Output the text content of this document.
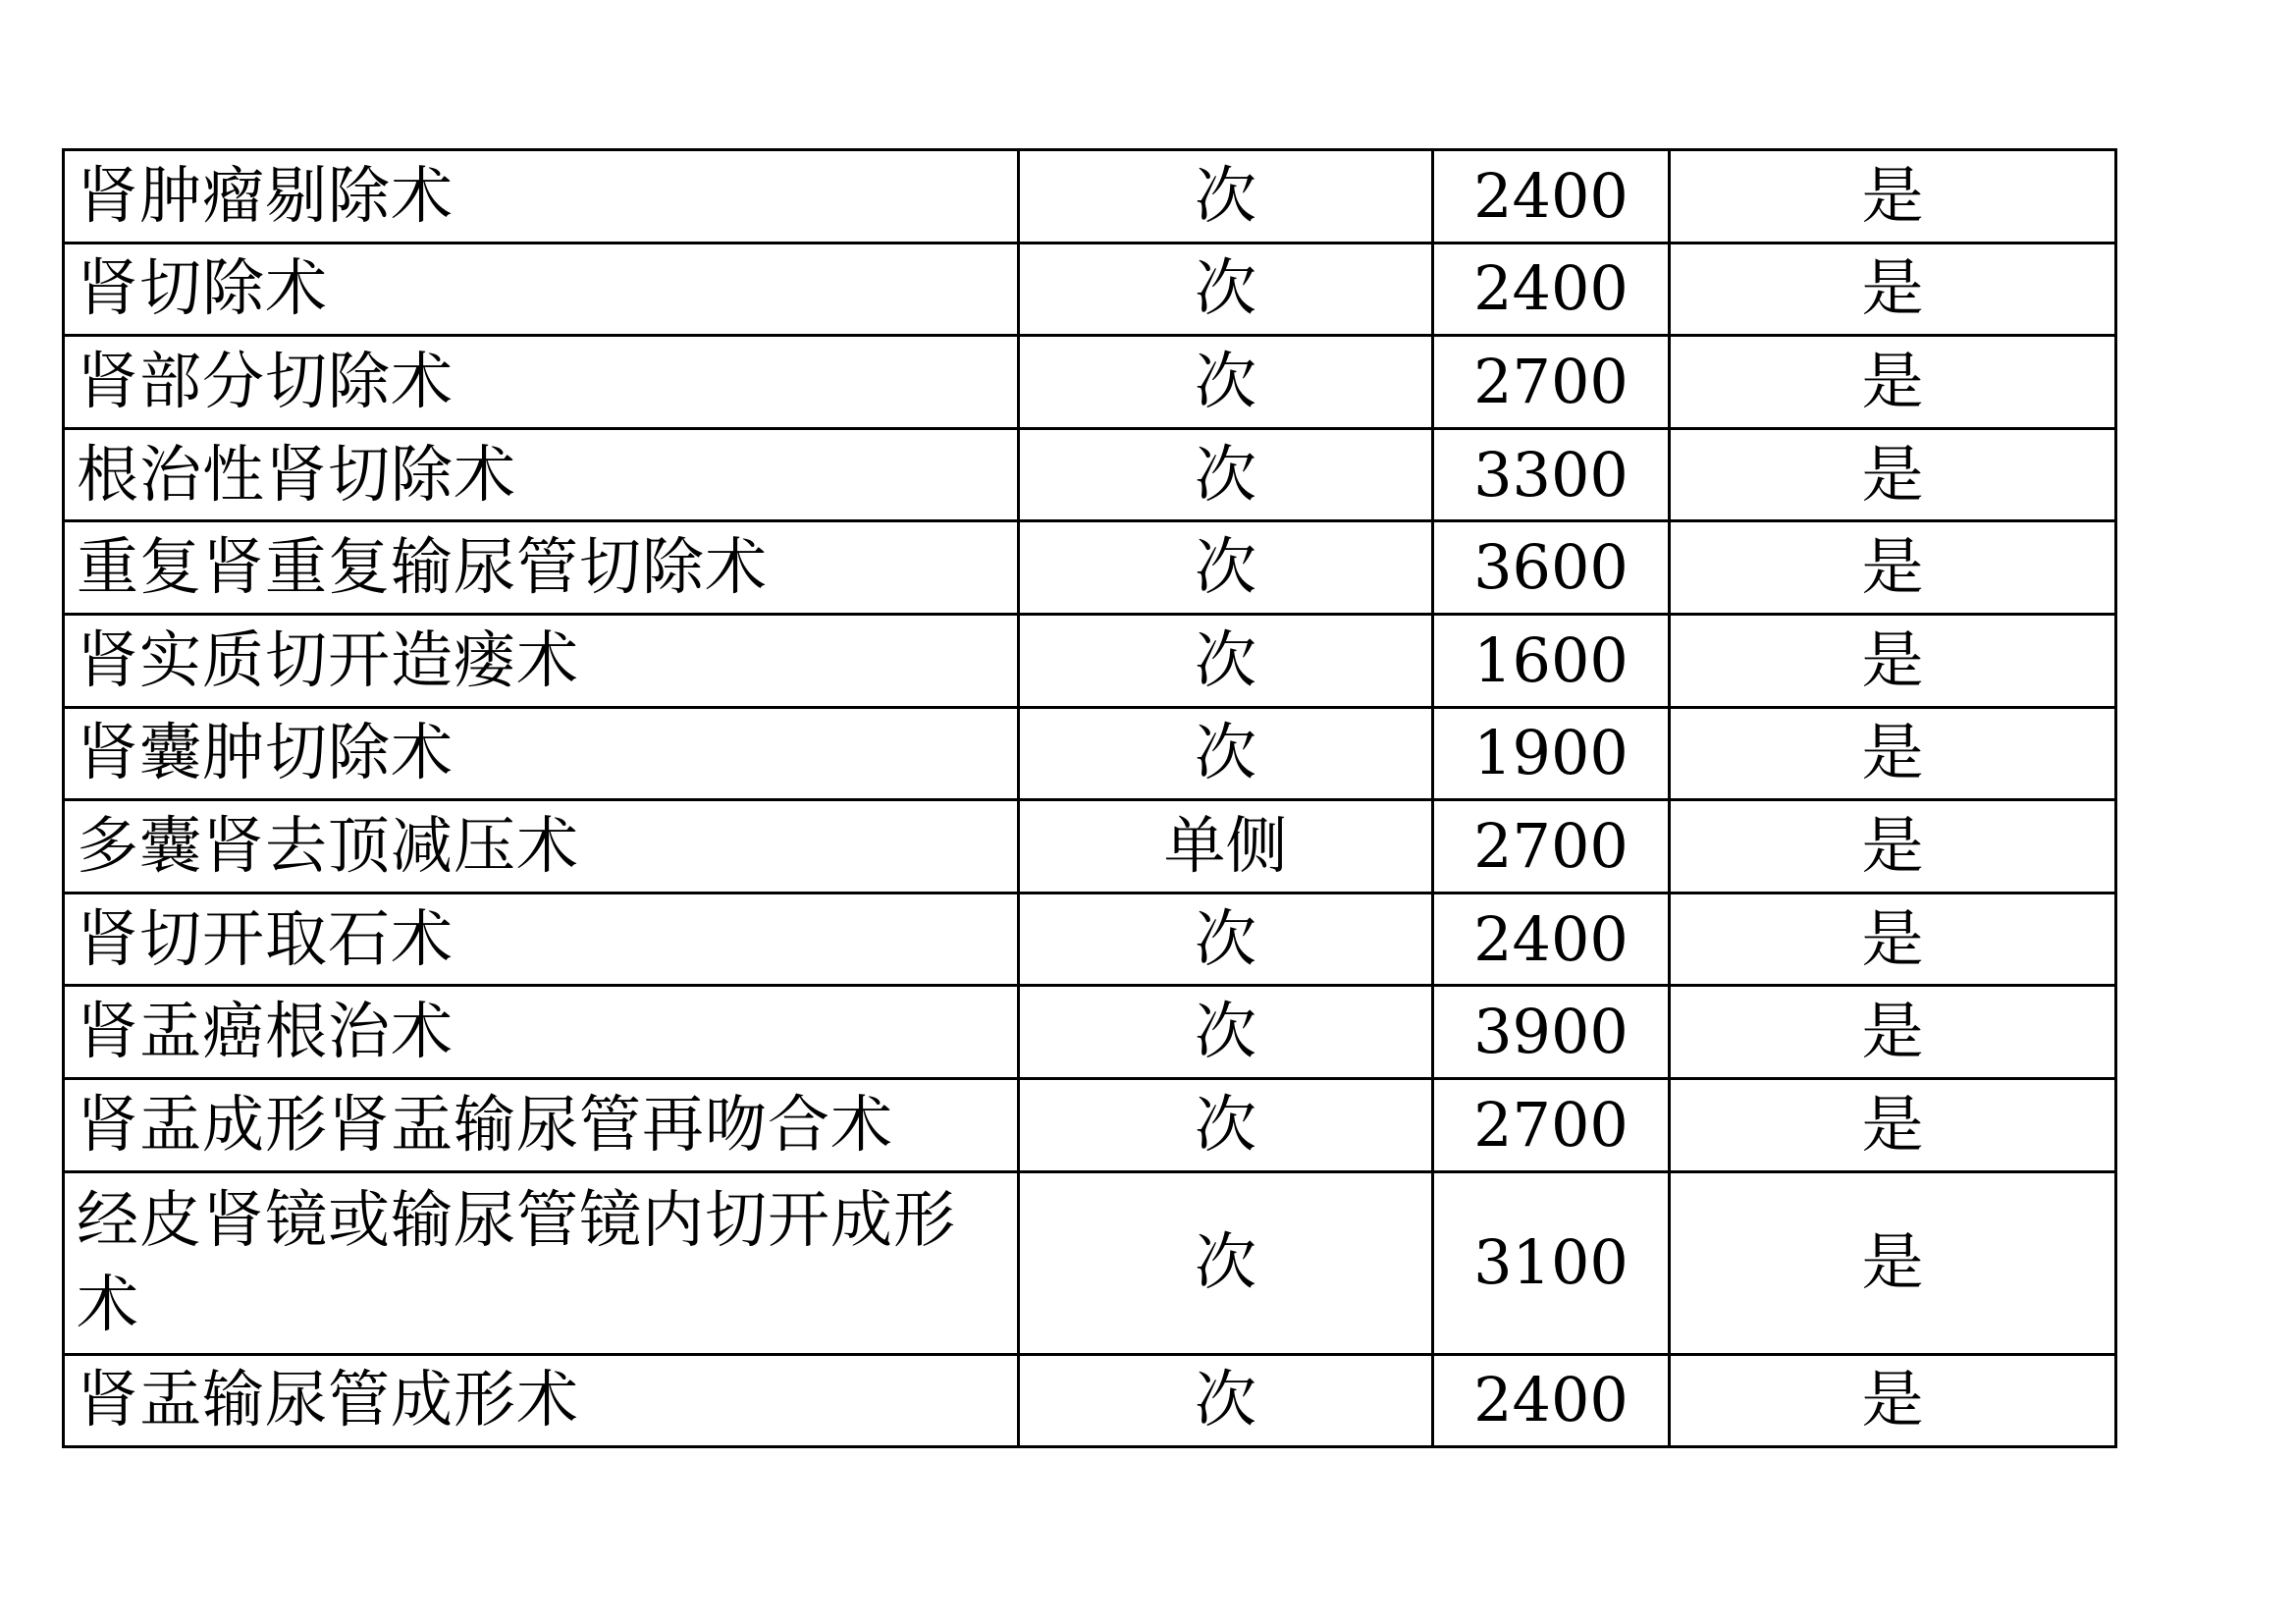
肾肿瘤剔除术	次	2400	是
肾切除术	次	2400	是
肾部分切除术	次	2700	是
根治性肾切除术	次	3300	是
重复肾重复输尿管切除术	次	3600	是
肾实质切开造瘘术	次	1600	是
肾囊肿切除术	次	1900	是
多囊肾去顶减压术	单侧	2700	是
肾切开取石术	次	2400	是
肾盂癌根治术	次	3900	是
肾盂成形肾盂输尿管再吻合术	次	2700	是
经皮肾镜或输尿管镜内切开成形术	次	3100	是
肾盂输尿管成形术	次	2400	是
